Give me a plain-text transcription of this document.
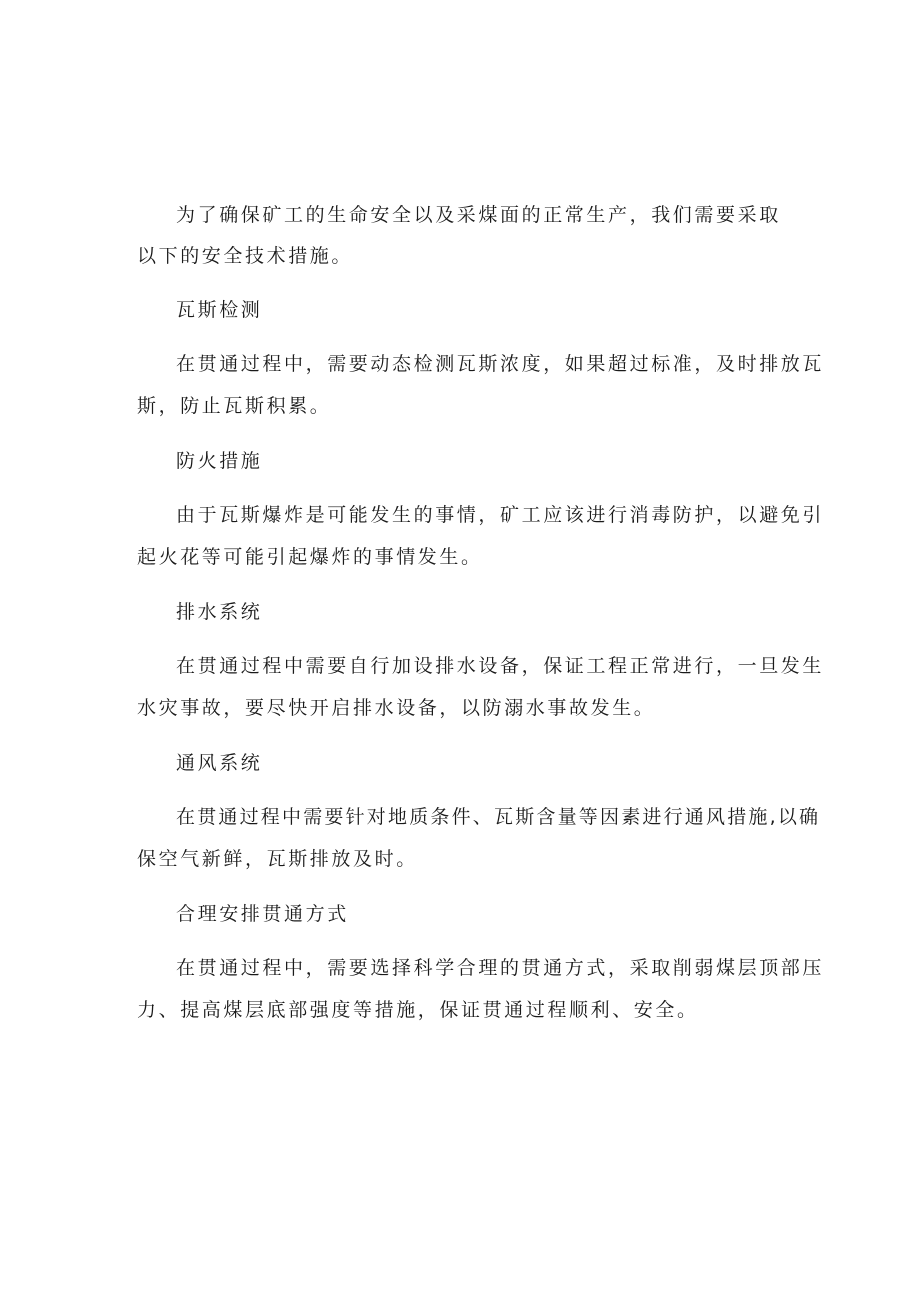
为了确保矿工的生命安全以及采煤面的正常生产，我们需要采取
以下的安全技术措施。
瓦斯检测
在贯通过程中，需要动态检测瓦斯浓度，如果超过标准，及时排放瓦
斯，防止瓦斯积累。
防火措施
由于瓦斯爆炸是可能发生的事情，矿工应该进行消毒防护，以避免引
起火花等可能引起爆炸的事情发生。
排水系统
在贯通过程中需要自行加设排水设备，保证工程正常进行，一旦发生
水灾事故，要尽快开启排水设备，以防溺水事故发生。
通风系统
在贯通过程中需要针对地质条件、瓦斯含量等因素进行通风措施,以确
保空气新鲜，瓦斯排放及时。
合理安排贯通方式
在贯通过程中，需要选择科学合理的贯通方式，采取削弱煤层顶部压
力、提高煤层底部强度等措施，保证贯通过程顺利、安全。
